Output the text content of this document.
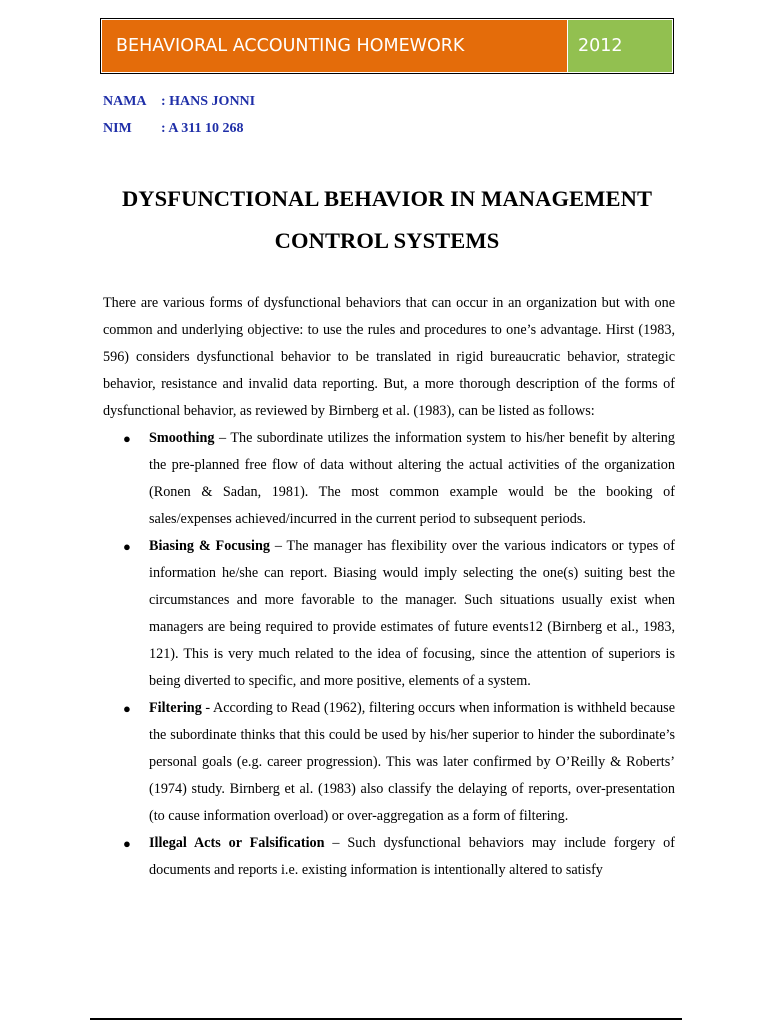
BEHAVIORAL ACCOUNTING HOMEWORK	2012
NAMA : HANS JONNI
NIM : A 311 10 268
DYSFUNCTIONAL BEHAVIOR IN MANAGEMENT CONTROL SYSTEMS

There are various forms of dysfunctional behaviors that can occur in an organization but with one common and underlying objective: to use the rules and procedures to one’s advantage. Hirst (1983, 596) considers dysfunctional behavior to be translated in rigid bureaucratic behavior, strategic behavior, resistance and invalid data reporting. But, a more thorough description of the forms of dysfunctional behavior, as reviewed by Birnberg et al. (1983), can be listed as follows:

● Smoothing – The subordinate utilizes the information system to his/her benefit by altering the pre-planned free flow of data without altering the actual activities of the organization (Ronen & Sadan, 1981). The most common example would be the booking of sales/expenses achieved/incurred in the current period to subsequent periods.
● Biasing & Focusing – The manager has flexibility over the various indicators or types of information he/she can report. Biasing would imply selecting the one(s) suiting best the circumstances and more favorable to the manager. Such situations usually exist when managers are being required to provide estimates of future events12 (Birnberg et al., 1983, 121). This is very much related to the idea of focusing, since the attention of superiors is being diverted to specific, and more positive, elements of a system.
● Filtering - According to Read (1962), filtering occurs when information is withheld because the subordinate thinks that this could be used by his/her superior to hinder the subordinate’s personal goals (e.g. career progression). This was later confirmed by O’Reilly & Roberts’ (1974) study. Birnberg et al. (1983) also classify the delaying of reports, over-presentation (to cause information overload) or over-aggregation as a form of filtering.
● Illegal Acts or Falsification – Such dysfunctional behaviors may include forgery of documents and reports i.e. existing information is intentionally altered to satisfy
